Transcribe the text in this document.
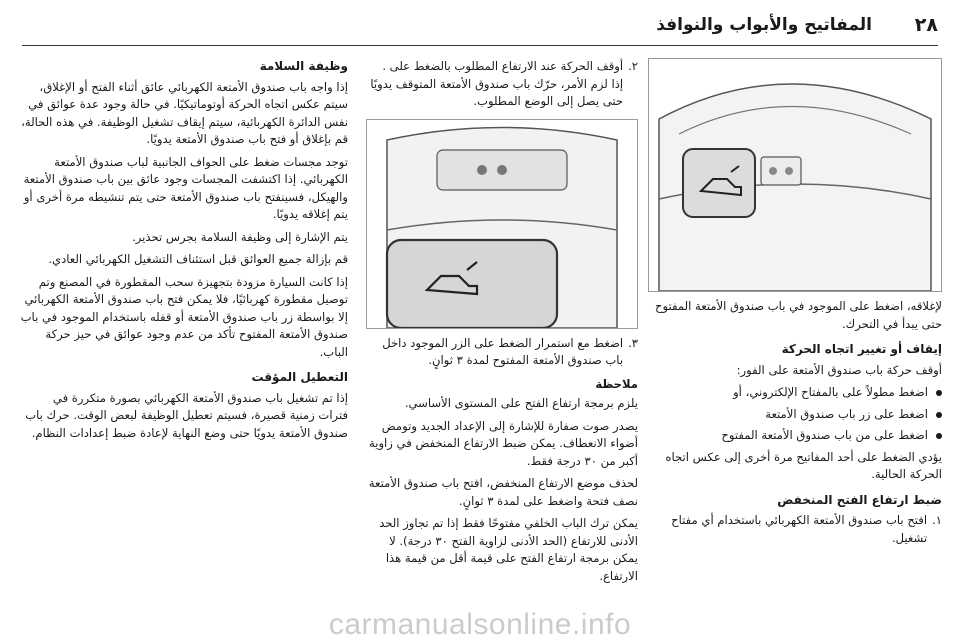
٢٨
المفاتيح والأبواب والنوافذ

لإغلاقه، اضغط على الموجود في باب صندوق الأمتعة المفتوح حتى يبدأ في التحرك.

إيقاف أو تغيير اتجاه الحركة

أوقف حركة باب صندوق الأمتعة على الفور:

اضغط مطولاً على بالمفتاح الإلكتروني، أو
اضغط على زر باب صندوق الأمتعة
اضغط على من باب صندوق الأمتعة المفتوح

يؤدي الضغط على أحد المفاتيح مرة أخرى إلى عكس اتجاه الحركة الحالية.

ضبط ارتفاع الفتح المنخفض
١.
افتح باب صندوق الأمتعة الكهربائي باستخدام أي مفتاح تشغيل.
٢.
أوقف الحركة عند الارتفاع المطلوب بالضغط على . إذا لزم الأمر، حرّك باب صندوق الأمتعة المتوقف يدويًا حتى يصل إلى الوضع المطلوب.
٣.
اضغط مع استمرار الضغط على الزر الموجود داخل باب صندوق الأمتعة المفتوح لمدة ٣ ثوانٍ.
ملاحظة

يلزم برمجة ارتفاع الفتح على المستوى الأساسي.

يصدر صوت صفارة للإشارة إلى الإعداد الجديد وتومض أضواء الانعطاف. يمكن ضبط الارتفاع المنخفض في زاوية أكبر من ٣٠ درجة فقط.

لحذف موضع الارتفاع المنخفض، افتح باب صندوق الأمتعة نصف فتحة واضغط على لمدة ٣ ثوانٍ.

يمكن ترك الباب الخلفي مفتوحًا فقط إذا تم تجاوز الحد الأدنى للارتفاع (الحد الأدنى لزاوية الفتح ٣٠ درجة). لا يمكن برمجة ارتفاع الفتح على قيمة أقل من قيمة هذا الارتفاع.

وظيفة السلامة

إذا واجه باب صندوق الأمتعة الكهربائي عائق أثناء الفتح أو الإغلاق، سيتم عكس اتجاه الحركة أوتوماتيكيًا. في حالة وجود عدة عوائق في نفس الدائرة الكهربائية، سيتم إيقاف تشغيل الوظيفة. في هذه الحالة، قم بإغلاق أو فتح باب صندوق الأمتعة يدويًا.

توجد مجسات ضغط على الحواف الجانبية لباب صندوق الأمتعة الكهربائي. إذا اكتشفت المجسات وجود عائق بين باب صندوق الأمتعة والهيكل، فسينفتح باب صندوق الأمتعة حتى يتم تنشيطه مرة أخرى أو يتم إغلاقه يدويًا.

يتم الإشارة إلى وظيفة السلامة بجرس تحذير.

قم بإزالة جميع العوائق قبل استئناف التشغيل الكهربائي العادي.

إذا كانت السيارة مزودة بتجهيزة سحب المقطورة في المصنع وتم توصيل مقطورة كهربائيًا، فلا يمكن فتح باب صندوق الأمتعة الكهربائي إلا بواسطة زر باب صندوق الأمتعة أو قفله باستخدام الموجود في باب صندوق الأمتعة المفتوح تأكد من عدم وجود عوائق في حيز حركة الباب.

التعطيل المؤقت

إذا تم تشغيل باب صندوق الأمتعة الكهربائي بصورة متكررة في فترات زمنية قصيرة، فسيتم تعطيل الوظيفة لبعض الوقت. حرك باب صندوق الأمتعة يدويًا حتى وضع النهاية لإعادة ضبط إعدادات النظام.

carmanualsonline.info
